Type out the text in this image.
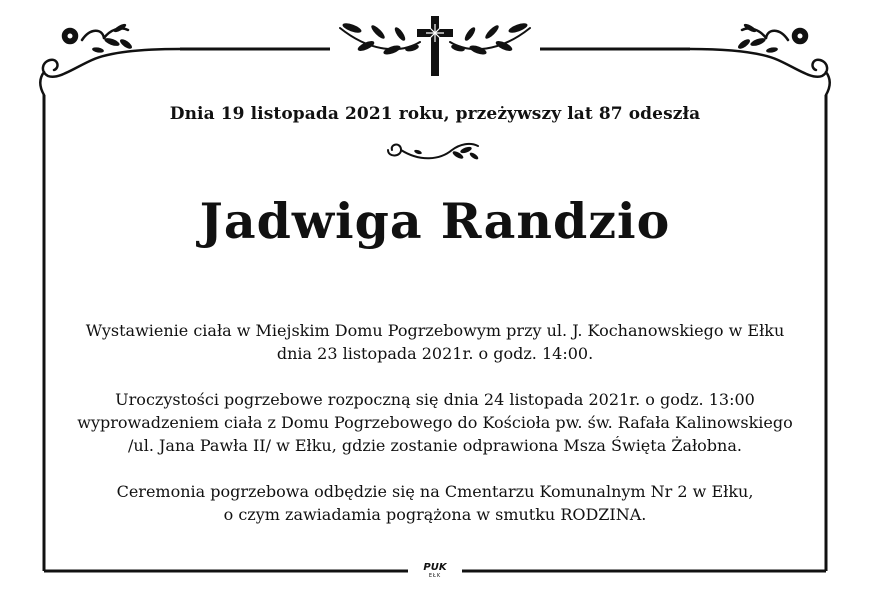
Dnia 19 listopada 2021 roku, przeżywszy lat 87 odeszła
Jadwiga Randzio

Wystawienie ciała w Miejskim Domu Pogrzebowym przy ul. J. Kochanowskiego w Ełku
dnia 23 listopada 2021r. o godz. 14:00.

Uroczystości pogrzebowe rozpoczną się dnia 24 listopada 2021r. o godz. 13:00
wyprowadzeniem ciała z Domu Pogrzebowego do Kościoła pw. św. Rafała Kalinowskiego
/ul. Jana Pawła II/ w Ełku, gdzie zostanie odprawiona Msza Święta Żałobna.

Ceremonia pogrzebowa odbędzie się na Cmentarzu Komunalnym Nr 2 w Ełku,
o czym zawiadamia pogrążona w smutku RODZINA.

PUK
EŁK
